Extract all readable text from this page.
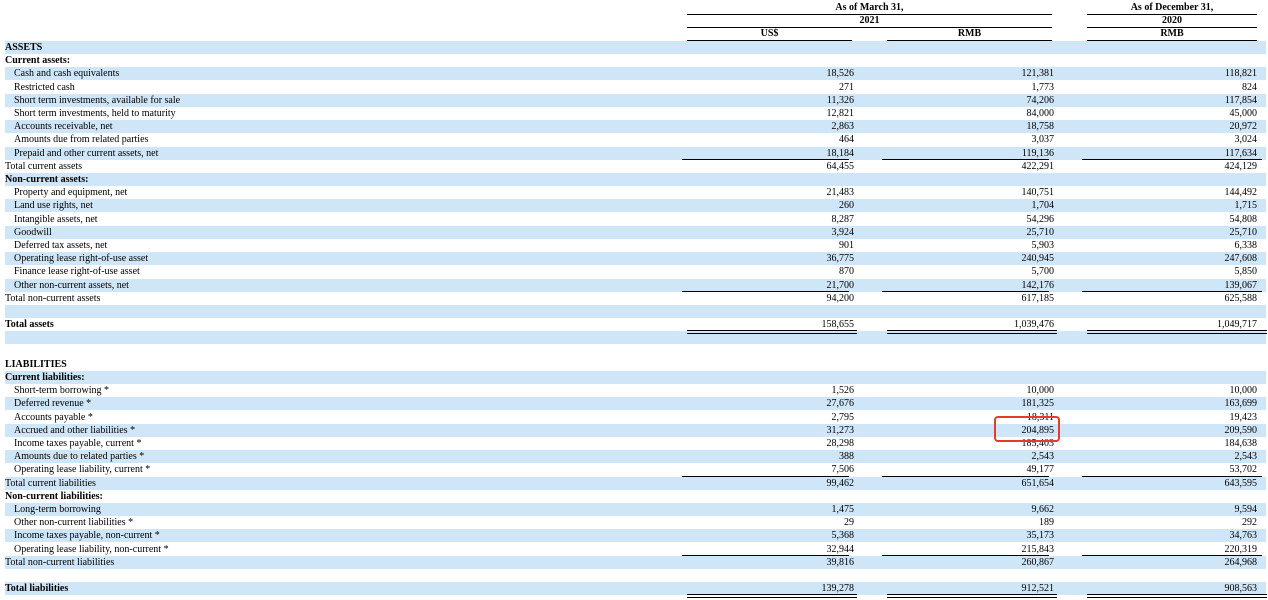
As of March 31,
2021
As of December 31,
2020
US$	RMB	RMB
ASSETS
Current assets:
Cash and cash equivalents	18,526	121,381	118,821
Restricted cash	271	1,773	824
Short term investments, available for sale	11,326	74,206	117,854
Short term investments, held to maturity	12,821	84,000	45,000
Accounts receivable, net	2,863	18,758	20,972
Amounts due from related parties	464	3,037	3,024
Prepaid and other current assets, net	18,184	119,136	117,634
Total current assets	64,455	422,291	424,129
Non-current assets:
Property and equipment, net	21,483	140,751	144,492
Land use rights, net	260	1,704	1,715
Intangible assets, net	8,287	54,296	54,808
Goodwill	3,924	25,710	25,710
Deferred tax assets, net	901	5,903	6,338
Operating lease right-of-use asset	36,775	240,945	247,608
Finance lease right-of-use asset	870	5,700	5,850
Other non-current assets, net	21,700	142,176	139,067
Total non-current assets	94,200	617,185	625,588
Total assets	158,655	1,039,476	1,049,717
LIABILITIES
Current liabilities:
Short-term borrowing *	1,526	10,000	10,000
Deferred revenue *	27,676	181,325	163,699
Accounts payable *	2,795	18,311	19,423
Accrued and other liabilities *	31,273	204,895	209,590
Income taxes payable, current *	28,298	185,403	184,638
Amounts due to related parties *	388	2,543	2,543
Operating lease liability, current *	7,506	49,177	53,702
Total current liabilities	99,462	651,654	643,595
Non-current liabilities:
Long-term borrowing	1,475	9,662	9,594
Other non-current liabilities *	29	189	292
Income taxes payable, non-current *	5,368	35,173	34,763
Operating lease liability, non-current *	32,944	215,843	220,319
Total non-current liabilities	39,816	260,867	264,968
Total liabilities	139,278	912,521	908,563
